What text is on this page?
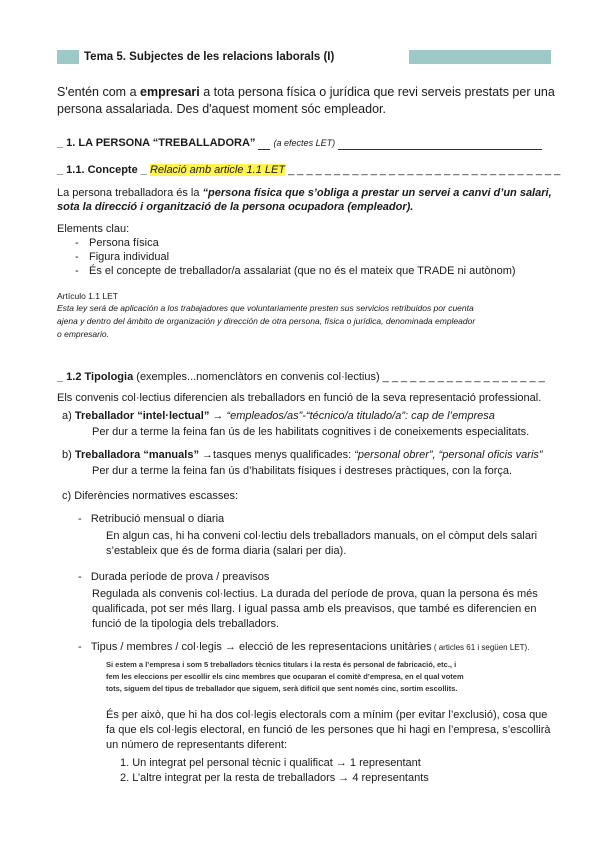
Tema 5. Subjectes de les relacions laborals (I)
S'entén com a empresari a tota persona física o jurídica que revi serveis prestats per una
persona assalariada. Des d'aquest moment sóc empleador.
_ 1. LA PERSONA “TREBALLADORA” (a efectes LET)
_ 1.1. Concepte _ Relació amb article 1.1 LET _ _ _ _ _ _ _ _ _ _ _ _ _ _ _ _ _ _ _ _ _ _ _ _ _ _ _ _ _ _
La persona treballadora és la “persona física que s’obliga a prestar un servei a canvi d’un salari,
sota la direcció i organització de la persona ocupadora (empleador).
Elements clau:
- Persona física
- Figura individual
- És el concepte de treballador/a assalariat (que no és el mateix que TRADE ni autònom)
Artículo 1.1 LET
Esta ley será de aplicación a los trabajadores que voluntariamente presten sus servicios retribuidos por cuenta
ajena y dentro del ámbito de organización y dirección de otra persona, física o jurídica, denominada empleador
o empresario.
_ 1.2 Tipologia (exemples...nomenclàtors en convenis col·lectius) _ _ _ _ _ _ _ _ _ _ _ _ _ _ _ _ _ _
Els convenis col·lectius diferencien als treballadors en funció de la seva representació professional.
a) Treballador “intel·lectual” → “empleados/as”-“técnico/a titulado/a”: cap de l’empresa
Per dur a terme la feina fan ús de les habilitats cognitives i de coneixements especialitats.
b) Treballadora “manuals” →tasques menys qualificades: “personal obrer”, “personal oficis varis”
Per dur a terme la feina fan ús d’habilitats físiques i destreses pràctiques, con la força.
c) Diferències normatives escasses:
-   Retribució mensual o diaria
En algun cas, hi ha conveni col·lectiu dels treballadors manuals, on el còmput dels salari
s’estableix que és de forma diaria (salari per dia).
-   Durada període de prova / preavisos
Regulada als convenis col·lectius. La durada del període de prova, quan la persona és més
qualificada, pot ser més llarg. I igual passa amb els preavisos, que també es diferencien en
funció de la tipologia dels treballadors.
-   Tipus / membres / col·legis → elecció de les representacions unitàries ( articles 61 i següen LET).
Si estem a l’empresa i som 5 treballadors tècnics titulars i la resta és personal de fabricació, etc., i
fem les eleccions per escollir els cinc membres que ocuparan el comitè d’empresa, en el qual votem
tots, siguem del tipus de treballador que siguem, serà difícil que sent només cinc, sortim escollits.
És per això, que hi ha dos col·legis electorals com a mínim (per evitar l’exclusió), cosa que
fa que els col·legis electoral, en funció de les persones que hi hagi en l’empresa, s’escollirà
un número de representants diferent:
1. Un integrat pel personal tècnic i qualificat → 1 representant
2. L’altre integrat per la resta de treballadors → 4 representants
